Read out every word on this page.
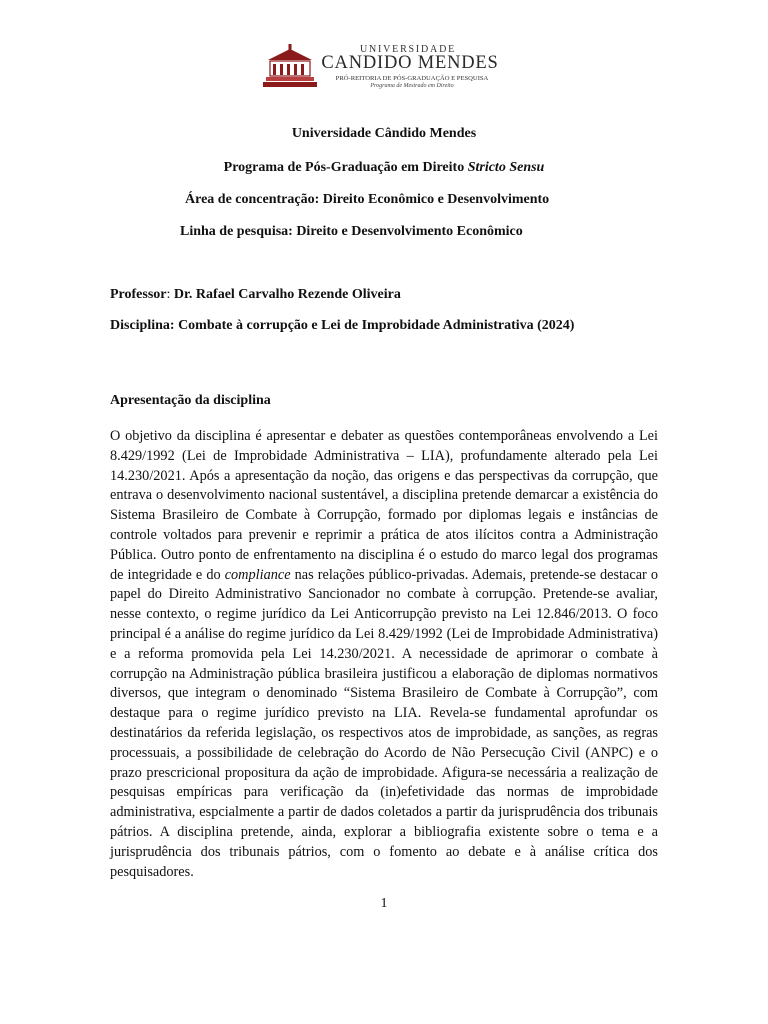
UNIVERSIDADE
CANDIDO MENDES
PRÓ-REITORIA DE PÓS-GRADUAÇÃO E PESQUISA
Programa de Mestrado em Direito
Universidade Cândido Mendes
Programa de Pós-Graduação em Direito Stricto Sensu
Área de concentração: Direito Econômico e Desenvolvimento
Linha de pesquisa: Direito e Desenvolvimento Econômico
Professor: Dr. Rafael Carvalho Rezende Oliveira
Disciplina: Combate à corrupção e Lei de Improbidade Administrativa (2024)
Apresentação da disciplina
O objetivo da disciplina é apresentar e debater as questões contemporâneas envolvendo a Lei 8.429/1992 (Lei de Improbidade Administrativa – LIA), profundamente alterado pela Lei 14.230/2021. Após a apresentação da noção, das origens e das perspectivas da corrupção, que entrava o desenvolvimento nacional sustentável, a disciplina pretende demarcar a existência do Sistema Brasileiro de Combate à Corrupção, formado por diplomas legais e instâncias de controle voltados para prevenir e reprimir a prática de atos ilícitos contra a Administração Pública. Outro ponto de enfrentamento na disciplina é o estudo do marco legal dos programas de integridade e do compliance nas relações público-privadas. Ademais, pretende-se destacar o papel do Direito Administrativo Sancionador no combate à corrupção. Pretende-se avaliar, nesse contexto, o regime jurídico da Lei Anticorrupção previsto na Lei 12.846/2013. O foco principal é a análise do regime jurídico da Lei 8.429/1992 (Lei de Improbidade Administrativa) e a reforma promovida pela Lei 14.230/2021. A necessidade de aprimorar o combate à corrupção na Administração pública brasileira justificou a elaboração de diplomas normativos diversos, que integram o denominado “Sistema Brasileiro de Combate à Corrupção”, com destaque para o regime jurídico previsto na LIA. Revela-se fundamental aprofundar os destinatários da referida legislação, os respectivos atos de improbidade, as sanções, as regras processuais, a possibilidade de celebração do Acordo de Não Persecução Civil (ANPC) e o prazo prescricional propositura da ação de improbidade. Afigura-se necessária a realização de pesquisas empíricas para verificação da (in)efetividade das normas de improbidade administrativa, espcialmente a partir de dados coletados a partir da jurisprudência dos tribunais pátrios. A disciplina pretende, ainda, explorar a bibliografia existente sobre o tema e a jurisprudência dos tribunais pátrios, com o fomento ao debate e à análise crítica dos pesquisadores.
1
